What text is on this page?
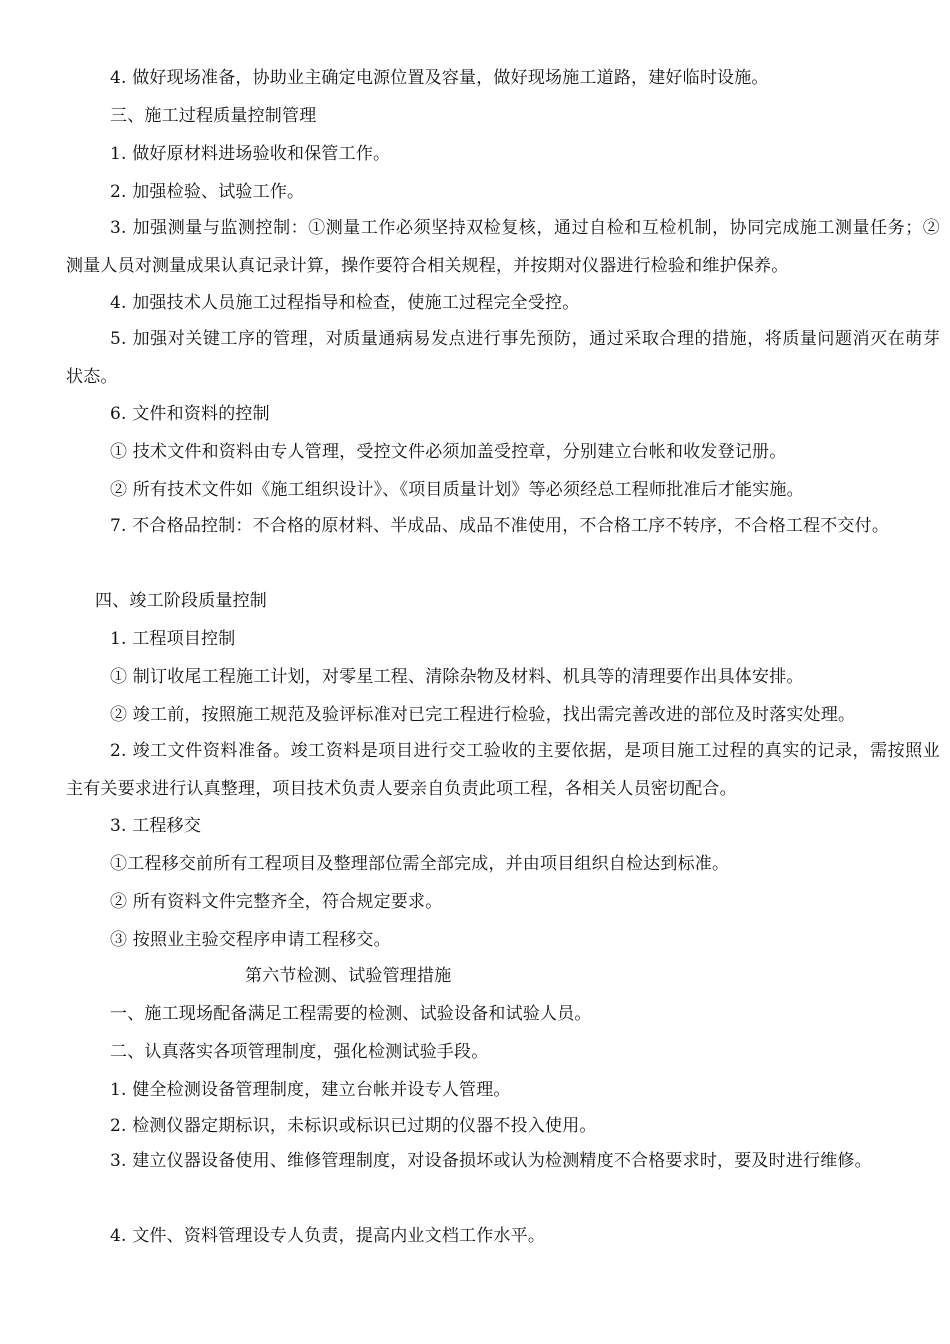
4. 做好现场准备，协助业主确定电源位置及容量，做好现场施工道路，建好临时设施。
三、施工过程质量控制管理
1. 做好原材料进场验收和保管工作。
2. 加强检验、试验工作。
3. 加强测量与监测控制：①测量工作必须坚持双检复核，通过自检和互检机制，协同完成施工测量任务；②测量人员对测量成果认真记录计算，操作要符合相关规程，并按期对仪器进行检验和维护保养。
4. 加强技术人员施工过程指导和检查，使施工过程完全受控。
5. 加强对关键工序的管理，对质量通病易发点进行事先预防，通过采取合理的措施，将质量问题消灭在萌芽状态。
6. 文件和资料的控制
① 技术文件和资料由专人管理，受控文件必须加盖受控章，分别建立台帐和收发登记册。
② 所有技术文件如《施工组织设计》、《项目质量计划》等必须经总工程师批准后才能实施。
7. 不合格品控制：不合格的原材料、半成品、成品不准使用，不合格工序不转序，不合格工程不交付。
四、竣工阶段质量控制
1. 工程项目控制
① 制订收尾工程施工计划，对零星工程、清除杂物及材料、机具等的清理要作出具体安排。
② 竣工前，按照施工规范及验评标准对已完工程进行检验，找出需完善改进的部位及时落实处理。
2. 竣工文件资料准备。竣工资料是项目进行交工验收的主要依据，是项目施工过程的真实的记录，需按照业主有关要求进行认真整理，项目技术负责人要亲自负责此项工程，各相关人员密切配合。
3. 工程移交
①工程移交前所有工程项目及整理部位需全部完成，并由项目组织自检达到标准。
② 所有资料文件完整齐全，符合规定要求。
③ 按照业主验交程序申请工程移交。
第六节检测、试验管理措施
一、施工现场配备满足工程需要的检测、试验设备和试验人员。
二、认真落实各项管理制度，强化检测试验手段。
1. 健全检测设备管理制度，建立台帐并设专人管理。
2. 检测仪器定期标识，未标识或标识已过期的仪器不投入使用。
3. 建立仪器设备使用、维修管理制度，对设备损坏或认为检测精度不合格要求时，要及时进行维修。
4. 文件、资料管理设专人负责，提高内业文档工作水平。
